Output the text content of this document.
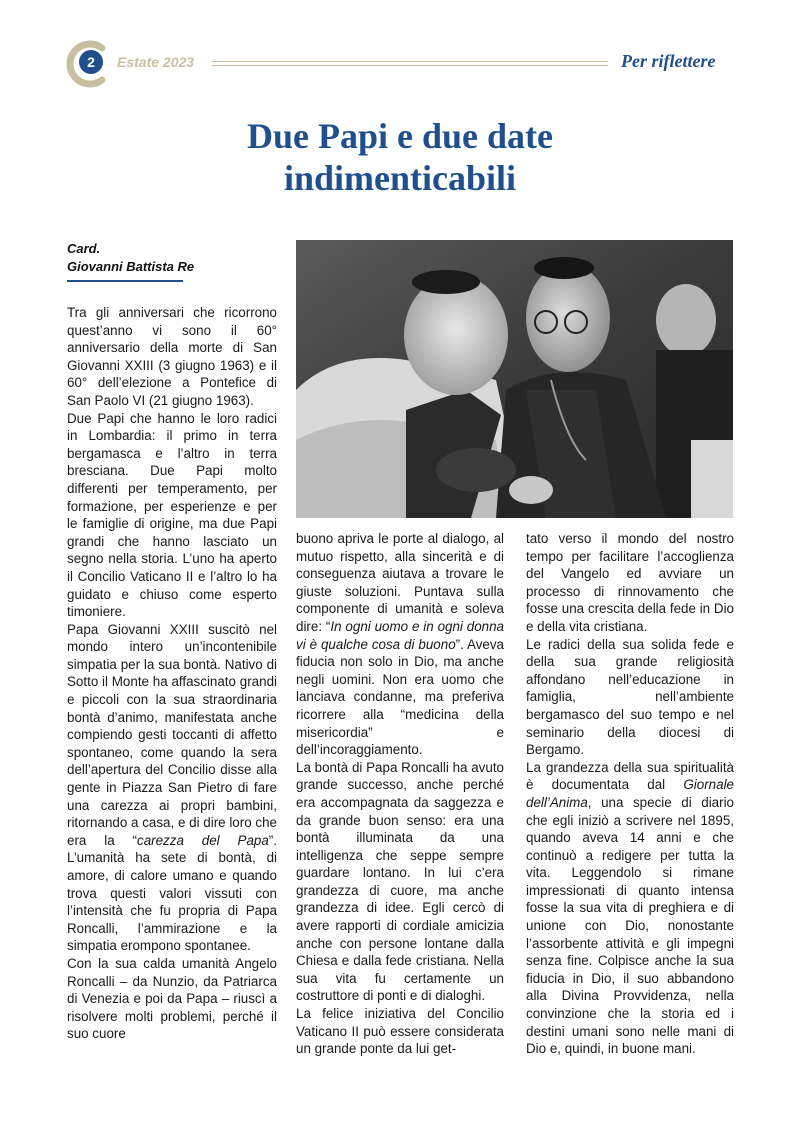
2	Estate 2023	Per riflettere
Due Papi e due date
indimenticabili
Card.
Giovanni Battista Re

Tra gli anniversari che ricorrono quest’anno vi sono il 60° anniversario della morte di San Giovanni XXIII (3 giugno 1963) e il 60° dell’elezione a Pontefice di San Paolo VI (21 giugno 1963).

Due Papi che hanno le loro radici in Lombardia: il primo in terra bergamasca e l’altro in terra bresciana. Due Papi molto differenti per temperamento, per formazione, per esperienze e per le famiglie di origine, ma due Papi grandi che hanno lasciato un segno nella storia. L’uno ha aperto il Concilio Vaticano II e l’altro lo ha guidato e chiuso come esperto timoniere.

Papa Giovanni XXIII suscitò nel mondo intero un’incontenibile simpatia per la sua bontà. Nativo di Sotto il Monte ha affascinato grandi e piccoli con la sua straordinaria bontà d’animo, manifestata anche compiendo gesti toccanti di affetto spontaneo, come quando la sera dell’apertura del Concilio disse alla gente in Piazza San Pietro di fare una carezza ai propri bambini, ritornando a casa, e di dire loro che era la “carezza del Papa”. L’umanità ha sete di bontà, di amore, di calore umano e quando trova questi valori vissuti con l’intensità che fu propria di Papa Roncalli, l’ammirazione e la simpatia erompono spontanee.

Con la sua calda umanità Angelo Roncalli – da Nunzio, da Patriarca di Venezia e poi da Papa – riuscì a risolvere molti problemi, perché il suo cuore

buono apriva le porte al dialogo, al mutuo rispetto, alla sincerità e di conseguenza aiutava a trovare le giuste soluzioni. Puntava sulla componente di umanità e soleva dire: “In ogni uomo e in ogni donna vi è qualche cosa di buono”. Aveva fiducia non solo in Dio, ma anche negli uomini. Non era uomo che lanciava condanne, ma preferiva ricorrere alla “medicina della misericordia” e dell’incoraggiamento.

La bontà di Papa Roncalli ha avuto grande successo, anche perché era accompagnata da saggezza e da grande buon senso: era una bontà illuminata da una intelligenza che seppe sempre guardare lontano. In lui c’era grandezza di cuore, ma anche grandezza di idee. Egli cercò di avere rapporti di cordiale amicizia anche con persone lontane dalla Chiesa e dalla fede cristiana. Nella sua vita fu certamente un costruttore di ponti e di dialoghi.

La felice iniziativa del Concilio Vaticano II può essere considerata un grande ponte da lui get-

tato verso il mondo del nostro tempo per facilitare l’accoglienza del Vangelo ed avviare un processo di rinnovamento che fosse una crescita della fede in Dio e della vita cristiana.

Le radici della sua solida fede e della sua grande religiosità affondano nell’educazione in famiglia, nell’ambiente bergamasco del suo tempo e nel seminario della diocesi di Bergamo.

La grandezza della sua spiritualità è documentata dal Giornale dell’Anima, una specie di diario che egli iniziò a scrivere nel 1895, quando aveva 14 anni e che continuò a redigere per tutta la vita. Leggendolo si rimane impressionati di quanto intensa fosse la sua vita di preghiera e di unione con Dio, nonostante l’assorbente attività e gli impegni senza fine. Colpisce anche la sua fiducia in Dio, il suo abbandono alla Divina Provvidenza, nella convinzione che la storia ed i destini umani sono nelle mani di Dio e, quindi, in buone mani.
